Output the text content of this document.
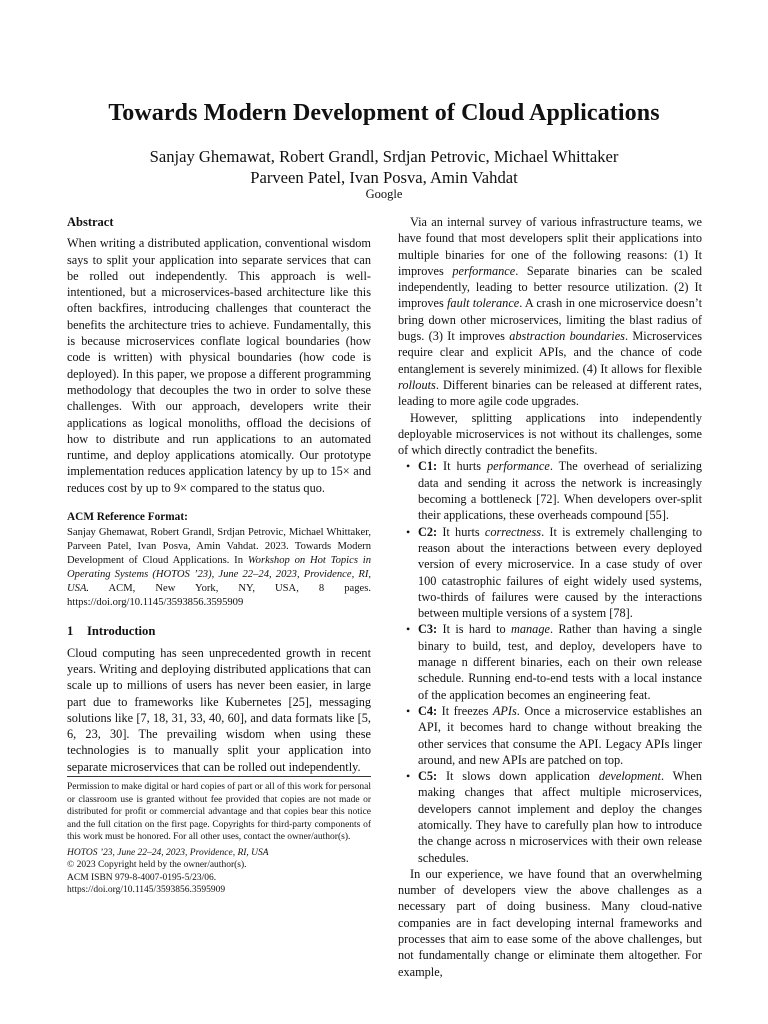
Towards Modern Development of Cloud Applications
Sanjay Ghemawat, Robert Grandl, Srdjan Petrovic, Michael Whittaker
Parveen Patel, Ivan Posva, Amin Vahdat
Google
Abstract

When writing a distributed application, conventional wisdom says to split your application into separate services that can be rolled out independently. This approach is well-intentioned, but a microservices-based architecture like this often backfires, introducing challenges that counteract the benefits the architecture tries to achieve. Fundamentally, this is because microservices conflate logical boundaries (how code is written) with physical boundaries (how code is deployed). In this paper, we propose a different programming methodology that decouples the two in order to solve these challenges. With our approach, developers write their applications as logical monoliths, offload the decisions of how to distribute and run applications to an automated runtime, and deploy applications atomically. Our prototype implementation reduces application latency by up to 15× and reduces cost by up to 9× compared to the status quo.

ACM Reference Format:

Sanjay Ghemawat, Robert Grandl, Srdjan Petrovic, Michael Whittaker, Parveen Patel, Ivan Posva, Amin Vahdat. 2023. Towards Modern Development of Cloud Applications. In Workshop on Hot Topics in Operating Systems (HOTOS ’23), June 22–24, 2023, Providence, RI, USA. ACM, New York, NY, USA, 8 pages. https://doi.org/10.1145/3593856.3595909

1 Introduction

Cloud computing has seen unprecedented growth in recent years. Writing and deploying distributed applications that can scale up to millions of users has never been easier, in large part due to frameworks like Kubernetes [25], messaging solutions like [7, 18, 31, 33, 40, 60], and data formats like [5, 6, 23, 30]. The prevailing wisdom when using these technologies is to manually split your application into separate microservices that can be rolled out independently.

Permission to make digital or hard copies of part or all of this work for personal or classroom use is granted without fee provided that copies are not made or distributed for profit or commercial advantage and that copies bear this notice and the full citation on the first page. Copyrights for third-party components of this work must be honored. For all other uses, contact the owner/author(s).

HOTOS ’23, June 22–24, 2023, Providence, RI, USA

© 2023 Copyright held by the owner/author(s).

ACM ISBN 979-8-4007-0195-5/23/06.

https://doi.org/10.1145/3593856.3595909

Via an internal survey of various infrastructure teams, we have found that most developers split their applications into multiple binaries for one of the following reasons: (1) It improves performance. Separate binaries can be scaled independently, leading to better resource utilization. (2) It improves fault tolerance. A crash in one microservice doesn’t bring down other microservices, limiting the blast radius of bugs. (3) It improves abstraction boundaries. Microservices require clear and explicit APIs, and the chance of code entanglement is severely minimized. (4) It allows for flexible rollouts. Different binaries can be released at different rates, leading to more agile code upgrades.

However, splitting applications into independently deployable microservices is not without its challenges, some of which directly contradict the benefits.

• C1: It hurts performance. The overhead of serializing data and sending it across the network is increasingly becoming a bottleneck [72]. When developers over-split their applications, these overheads compound [55].
• C2: It hurts correctness. It is extremely challenging to reason about the interactions between every deployed version of every microservice. In a case study of over 100 catastrophic failures of eight widely used systems, two-thirds of failures were caused by the interactions between multiple versions of a system [78].
• C3: It is hard to manage. Rather than having a single binary to build, test, and deploy, developers have to manage n different binaries, each on their own release schedule. Running end-to-end tests with a local instance of the application becomes an engineering feat.
• C4: It freezes APIs. Once a microservice establishes an API, it becomes hard to change without breaking the other services that consume the API. Legacy APIs linger around, and new APIs are patched on top.
• C5: It slows down application development. When making changes that affect multiple microservices, developers cannot implement and deploy the changes atomically. They have to carefully plan how to introduce the change across n microservices with their own release schedules.

In our experience, we have found that an overwhelming number of developers view the above challenges as a necessary part of doing business. Many cloud-native companies are in fact developing internal frameworks and processes that aim to ease some of the above challenges, but not fundamentally change or eliminate them altogether. For example,
